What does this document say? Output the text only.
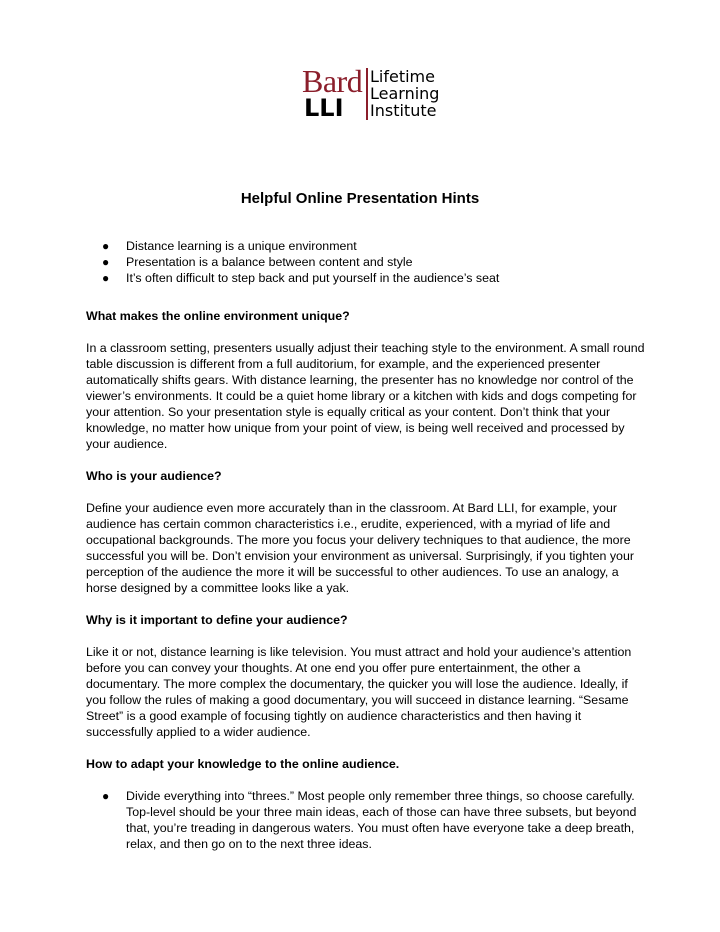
Bard
LLI
Lifetime
Learning
Institute
Helpful Online Presentation Hints
● Distance learning is a unique environment
● Presentation is a balance between content and style
● It’s often difficult to step back and put yourself in the audience’s seat
What makes the online environment unique?

In a classroom setting, presenters usually adjust their teaching style to the environment. A small round table discussion is different from a full auditorium, for example, and the experienced presenter automatically shifts gears. With distance learning, the presenter has no knowledge nor control of the viewer’s environments. It could be a quiet home library or a kitchen with kids and dogs competing for your attention. So your presentation style is equally critical as your content. Don’t think that your knowledge, no matter how unique from your point of view, is being well received and processed by your audience.

Who is your audience?

Define your audience even more accurately than in the classroom. At Bard LLI, for example, your audience has certain common characteristics i.e., erudite, experienced, with a myriad of life and occupational backgrounds. The more you focus your delivery techniques to that audience, the more successful you will be. Don’t envision your environment as universal. Surprisingly, if you tighten your perception of the audience the more it will be successful to other audiences. To use an analogy, a horse designed by a committee looks like a yak.

Why is it important to define your audience?

Like it or not, distance learning is like television. You must attract and hold your audience’s attention before you can convey your thoughts. At one end you offer pure entertainment, the other a documentary. The more complex the documentary, the quicker you will lose the audience. Ideally, if you follow the rules of making a good documentary, you will succeed in distance learning. “Sesame Street” is a good example of focusing tightly on audience characteristics and then having it successfully applied to a wider audience.

How to adapt your knowledge to the online audience.
● Divide everything into “threes.” Most people only remember three things, so choose carefully. Top-level should be your three main ideas, each of those can have three subsets, but beyond that, you’re treading in dangerous waters. You must often have everyone take a deep breath, relax, and then go on to the next three ideas.
